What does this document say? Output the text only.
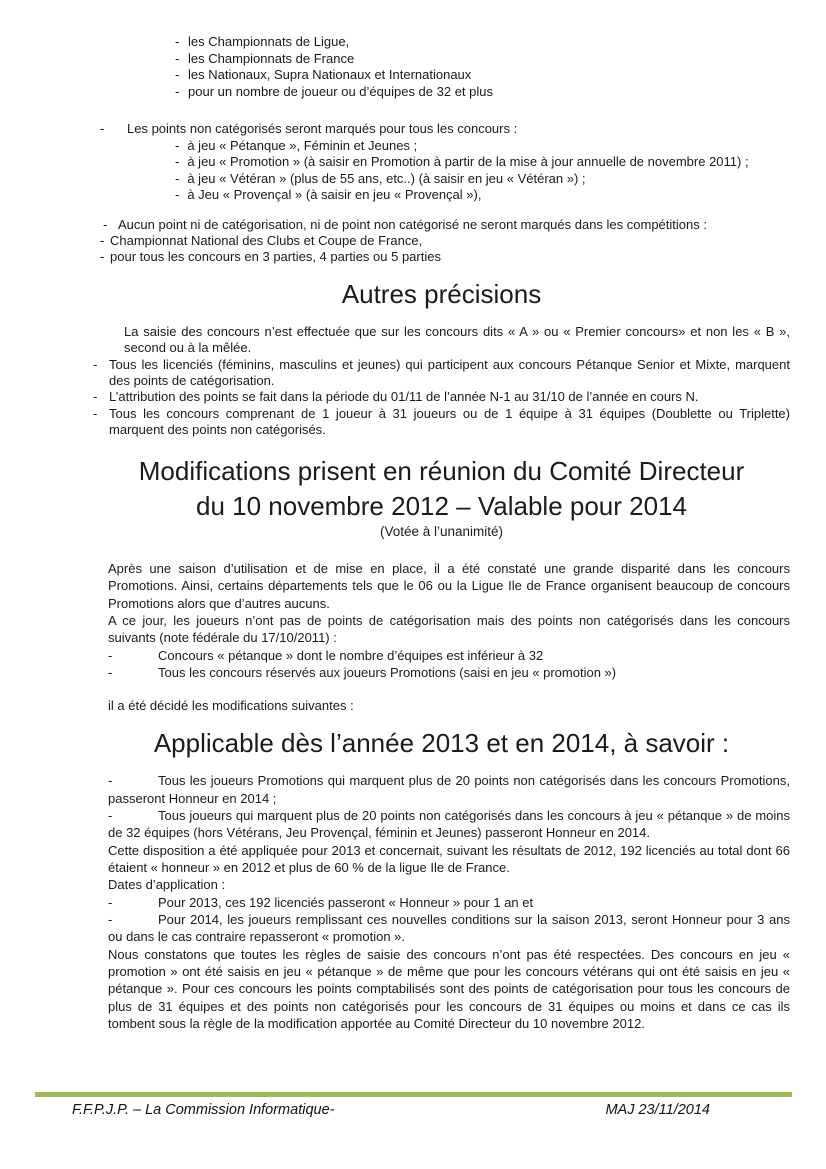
- les Championnats de Ligue,
- les Championnats de France
- les Nationaux, Supra Nationaux et Internationaux
- pour un nombre de joueur ou d’équipes de 32 et plus
-	Les points non catégorisés seront marqués pour tous les concours :

- à jeu « Pétanque », Féminin et Jeunes ;

- à jeu « Promotion » (à saisir en Promotion à partir de la mise à jour annuelle de novembre 2011) ;

- à jeu « Vétéran » (plus de 55 ans, etc..) (à saisir en jeu « Vétéran ») ;

- à Jeu « Provençal » (à saisir en jeu « Provençal »),

- Aucun point ni de catégorisation, ni de point non catégorisé ne seront marqués dans les compétitions :
- Championnat National des Clubs et Coupe de France,
- pour tous les concours en 3 parties, 4 parties ou 5 parties
Autres précisions

La saisie des concours n’est effectuée que sur les concours dits « A » ou « Premier concours» et non les « B », second ou à la mêlée.

- Tous les licenciés (féminins, masculins et jeunes) qui participent aux concours Pétanque Senior et Mixte, marquent des points de catégorisation.
- L’attribution des points se fait dans la période du 01/11 de l’année N-1 au 31/10 de l’année en cours N.
- Tous les concours comprenant de 1 joueur à 31 joueurs ou de 1 équipe à 31 équipes (Doublette ou Triplette) marquent des points non catégorisés.
Modifications prisent en réunion du Comité Directeur
du 10 novembre 2012 – Valable pour 2014

(Votée à l’unanimité)

Après une saison d’utilisation et de mise en place, il a été constaté une grande disparité dans les concours Promotions. Ainsi, certains départements tels que le 06 ou la Ligue Ile de France organisent beaucoup de concours Promotions alors que d’autres aucuns.

A ce jour, les joueurs n’ont pas de points de catégorisation mais des points non catégorisés dans les concours suivants (note fédérale du 17/10/2011) :

-	Concours « pétanque » dont le nombre d’équipes est inférieur à 32

-	Tous les concours réservés aux joueurs Promotions (saisi en jeu « promotion »)

il a été décidé les modifications suivantes :

Applicable dès l’année 2013 et en 2014, à savoir :

-	Tous les joueurs Promotions qui marquent plus de 20 points non catégorisés dans les concours Promotions, passeront Honneur en 2014 ;

-	Tous joueurs qui marquent plus de 20 points non catégorisés dans les concours à jeu « pétanque » de moins de 32 équipes (hors Vétérans, Jeu Provençal, féminin et Jeunes) passeront Honneur en 2014.

Cette disposition a été appliquée pour 2013 et concernait, suivant les résultats de 2012, 192 licenciés au total dont 66 étaient « honneur » en 2012 et plus de 60 % de la ligue Ile de France.

Dates d’application :

-	Pour 2013, ces 192 licenciés passeront « Honneur » pour 1 an et

-	Pour 2014, les joueurs remplissant ces nouvelles conditions sur la saison 2013, seront Honneur pour 3 ans ou dans le cas contraire repasseront « promotion ».

Nous constatons que toutes les règles de saisie des concours n’ont pas été respectées. Des concours en jeu « promotion » ont été saisis en jeu « pétanque » de même que pour les concours vétérans qui ont été saisis en jeu « pétanque ». Pour ces concours les points comptabilisés sont des points de catégorisation pour tous les concours de plus de 31 équipes et des points non catégorisés pour les concours de 31 équipes ou moins et dans ce cas ils tombent sous la règle de la modification apportée au Comité Directeur du 10 novembre 2012.

F.F.P.J.P. – La Commission Informatique-	MAJ 23/11/2014
